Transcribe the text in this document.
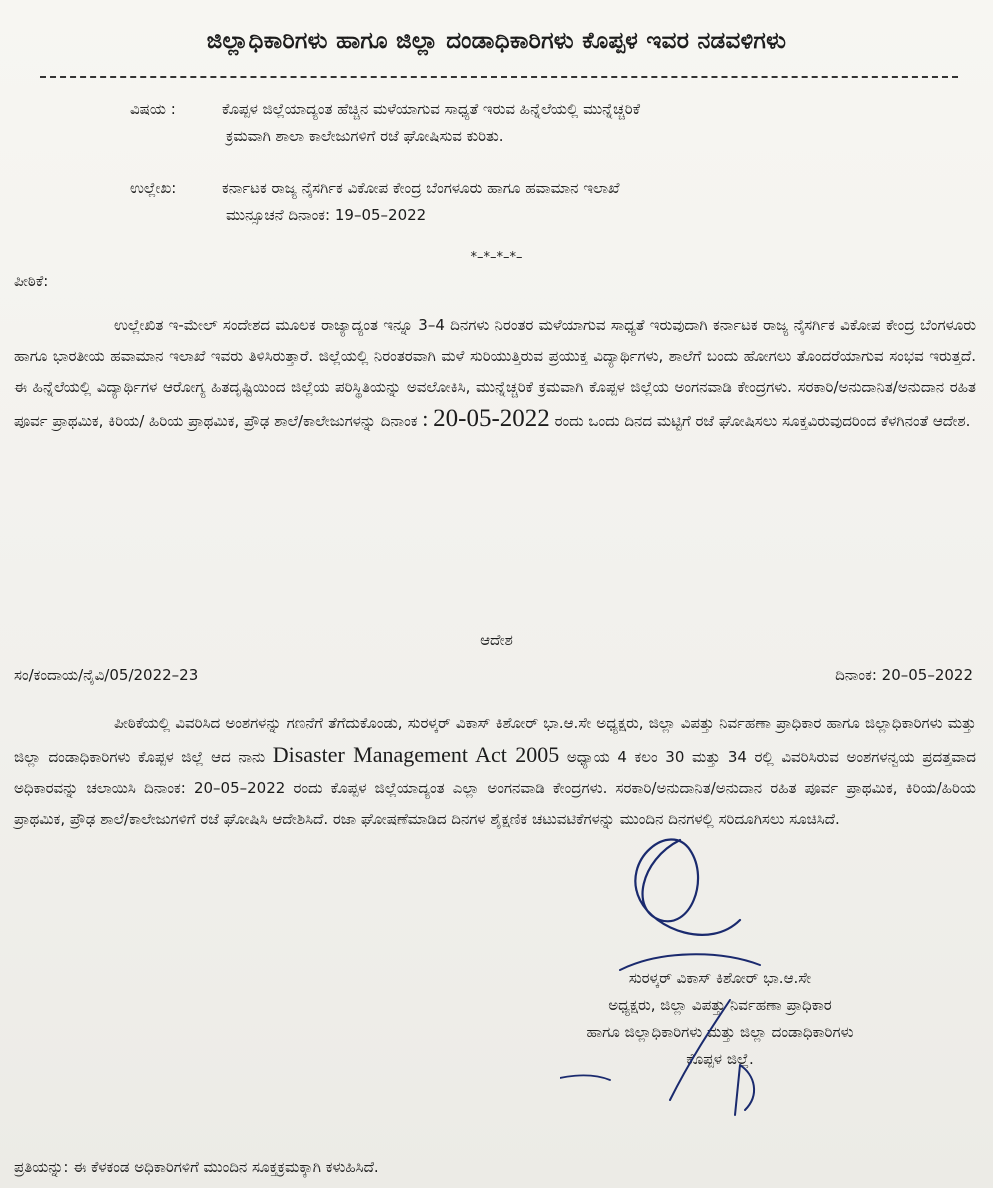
ಜಿಲ್ಲಾಧಿಕಾರಿಗಳು ಹಾಗೂ ಜಿಲ್ಲಾ ದಂಡಾಧಿಕಾರಿಗಳು ಕೊಪ್ಪಳ ಇವರ ನಡವಳಿಗಳು
ವಿಷಯ :	ಕೊಪ್ಪಳ ಜಿಲ್ಲೆಯಾದ್ಯಂತ ಹೆಚ್ಚಿನ ಮಳೆಯಾಗುವ ಸಾಧ್ಯತೆ ಇರುವ ಹಿನ್ನೆಲೆಯಲ್ಲಿ ಮುನ್ನೆಚ್ಚರಿಕೆ
ಕ್ರಮವಾಗಿ ಶಾಲಾ ಕಾಲೇಜುಗಳಿಗೆ ರಜೆ ಘೋಷಿಸುವ ಕುರಿತು.
ಉಲ್ಲೇಖ:	ಕರ್ನಾಟಕ ರಾಜ್ಯ ನೈಸರ್ಗಿಕ ವಿಕೋಪ ಕೇಂದ್ರ ಬೆಂಗಳೂರು ಹಾಗೂ ಹವಾಮಾನ ಇಲಾಖೆ
ಮುನ್ಸೂಚನೆ ದಿನಾಂಕ: 19–05–2022
*–*–*–*–
ಪೀಠಿಕೆ:
ಉಲ್ಲೇಖಿತ ಇ-ಮೇಲ್ ಸಂದೇಶದ ಮೂಲಕ ರಾಜ್ಯಾದ್ಯಂತ ಇನ್ನೂ 3–4 ದಿನಗಳು ನಿರಂತರ ಮಳೆಯಾಗುವ ಸಾಧ್ಯತೆ ಇರುವುದಾಗಿ ಕರ್ನಾಟಕ ರಾಜ್ಯ ನೈಸರ್ಗಿಕ ವಿಕೋಪ ಕೇಂದ್ರ ಬೆಂಗಳೂರು ಹಾಗೂ ಭಾರತೀಯ ಹವಾಮಾನ ಇಲಾಖೆ ಇವರು ತಿಳಿಸಿರುತ್ತಾರೆ. ಜಿಲ್ಲೆಯಲ್ಲಿ ನಿರಂತರವಾಗಿ ಮಳೆ ಸುರಿಯುತ್ತಿರುವ ಪ್ರಯುಕ್ತ ವಿದ್ಯಾರ್ಥಿಗಳು, ಶಾಲೆಗೆ ಬಂದು ಹೋಗಲು ತೊಂದರೆಯಾಗುವ ಸಂಭವ ಇರುತ್ತದೆ. ಈ ಹಿನ್ನೆಲೆಯಲ್ಲಿ ವಿದ್ಯಾರ್ಥಿಗಳ ಆರೋಗ್ಯ ಹಿತದೃಷ್ಟಿಯಿಂದ ಜಿಲ್ಲೆಯ ಪರಿಸ್ಥಿತಿಯನ್ನು ಅವಲೋಕಿಸಿ, ಮುನ್ನೆಚ್ಚರಿಕೆ ಕ್ರಮವಾಗಿ ಕೊಪ್ಪಳ ಜಿಲ್ಲೆಯ ಅಂಗನವಾಡಿ ಕೇಂದ್ರಗಳು. ಸರಕಾರಿ/ಅನುದಾನಿತ/ಅನುದಾನ ರಹಿತ ಪೂರ್ವ ಪ್ರಾಥಮಿಕ, ಕಿರಿಯ/ ಹಿರಿಯ ಪ್ರಾಥಮಿಕ, ಪ್ರೌಢ ಶಾಲೆ/ಕಾಲೇಜುಗಳನ್ನು ದಿನಾಂಕ : 20-05-2022 ರಂದು ಒಂದು ದಿನದ ಮಟ್ಟಿಗೆ ರಜೆ ಘೋಷಿಸಲು ಸೂಕ್ತವಿರುವುದರಿಂದ ಕೆಳಗಿನಂತೆ ಆದೇಶ.
ಆದೇಶ
ಸಂ/ಕಂದಾಯ/ನೈವಿ/05/2022–23	ದಿನಾಂಕ: 20–05–2022
ಪೀಠಿಕೆಯಲ್ಲಿ ವಿವರಿಸಿದ ಅಂಶಗಳನ್ನು ಗಣನೆಗೆ ತೆಗೆದುಕೊಂಡು, ಸುರಳ್ಕರ್ ವಿಕಾಸ್ ಕಿಶೋರ್ ಭಾ.ಆ.ಸೇ ಅಧ್ಯಕ್ಷರು, ಜಿಲ್ಲಾ ವಿಪತ್ತು ನಿರ್ವಹಣಾ ಪ್ರಾಧಿಕಾರ ಹಾಗೂ ಜಿಲ್ಲಾಧಿಕಾರಿಗಳು ಮತ್ತು ಜಿಲ್ಲಾ ದಂಡಾಧಿಕಾರಿಗಳು ಕೊಪ್ಪಳ ಜಿಲ್ಲೆ ಆದ ನಾನು Disaster Management Act 2005 ಅಧ್ಯಾಯ 4 ಕಲಂ 30 ಮತ್ತು 34 ರಲ್ಲಿ ವಿವರಿಸಿರುವ ಅಂಶಗಳನ್ವಯ ಪ್ರದತ್ತವಾದ ಅಧಿಕಾರವನ್ನು ಚಲಾಯಿಸಿ ದಿನಾಂಕ: 20–05–2022 ರಂದು ಕೊಪ್ಪಳ ಜಿಲ್ಲೆಯಾದ್ಯಂತ ಎಲ್ಲಾ ಅಂಗನವಾಡಿ ಕೇಂದ್ರಗಳು. ಸರಕಾರಿ/ಅನುದಾನಿತ/ಅನುದಾನ ರಹಿತ ಪೂರ್ವ ಪ್ರಾಥಮಿಕ, ಕಿರಿಯ/ಹಿರಿಯ ಪ್ರಾಥಮಿಕ, ಪ್ರೌಢ ಶಾಲೆ/ಕಾಲೇಜುಗಳಿಗೆ ರಜೆ ಘೋಷಿಸಿ ಆದೇಶಿಸಿದೆ. ರಜಾ ಘೋಷಣೆಮಾಡಿದ ದಿನಗಳ ಶೈಕ್ಷಣಿಕ ಚಟುವಟಿಕೆಗಳನ್ನು ಮುಂದಿನ ದಿನಗಳಲ್ಲಿ ಸರಿದೂಗಿಸಲು ಸೂಚಿಸಿದೆ.
ಸುರಳ್ಕರ್ ವಿಕಾಸ್ ಕಿಶೋರ್ ಭಾ.ಆ.ಸೇ
ಅಧ್ಯಕ್ಷರು, ಜಿಲ್ಲಾ ವಿಪತ್ತು ನಿರ್ವಹಣಾ ಪ್ರಾಧಿಕಾರ
ಹಾಗೂ ಜಿಲ್ಲಾಧಿಕಾರಿಗಳು ಮತ್ತು ಜಿಲ್ಲಾ ದಂಡಾಧಿಕಾರಿಗಳು
ಕೊಪ್ಪಳ ಜಿಲ್ಲೆ.
ಪ್ರತಿಯನ್ನು: ಈ ಕೆಳಕಂಡ ಅಧಿಕಾರಿಗಳಿಗೆ ಮುಂದಿನ ಸೂಕ್ತಕ್ರಮಕ್ಕಾಗಿ ಕಳುಹಿಸಿದೆ.
